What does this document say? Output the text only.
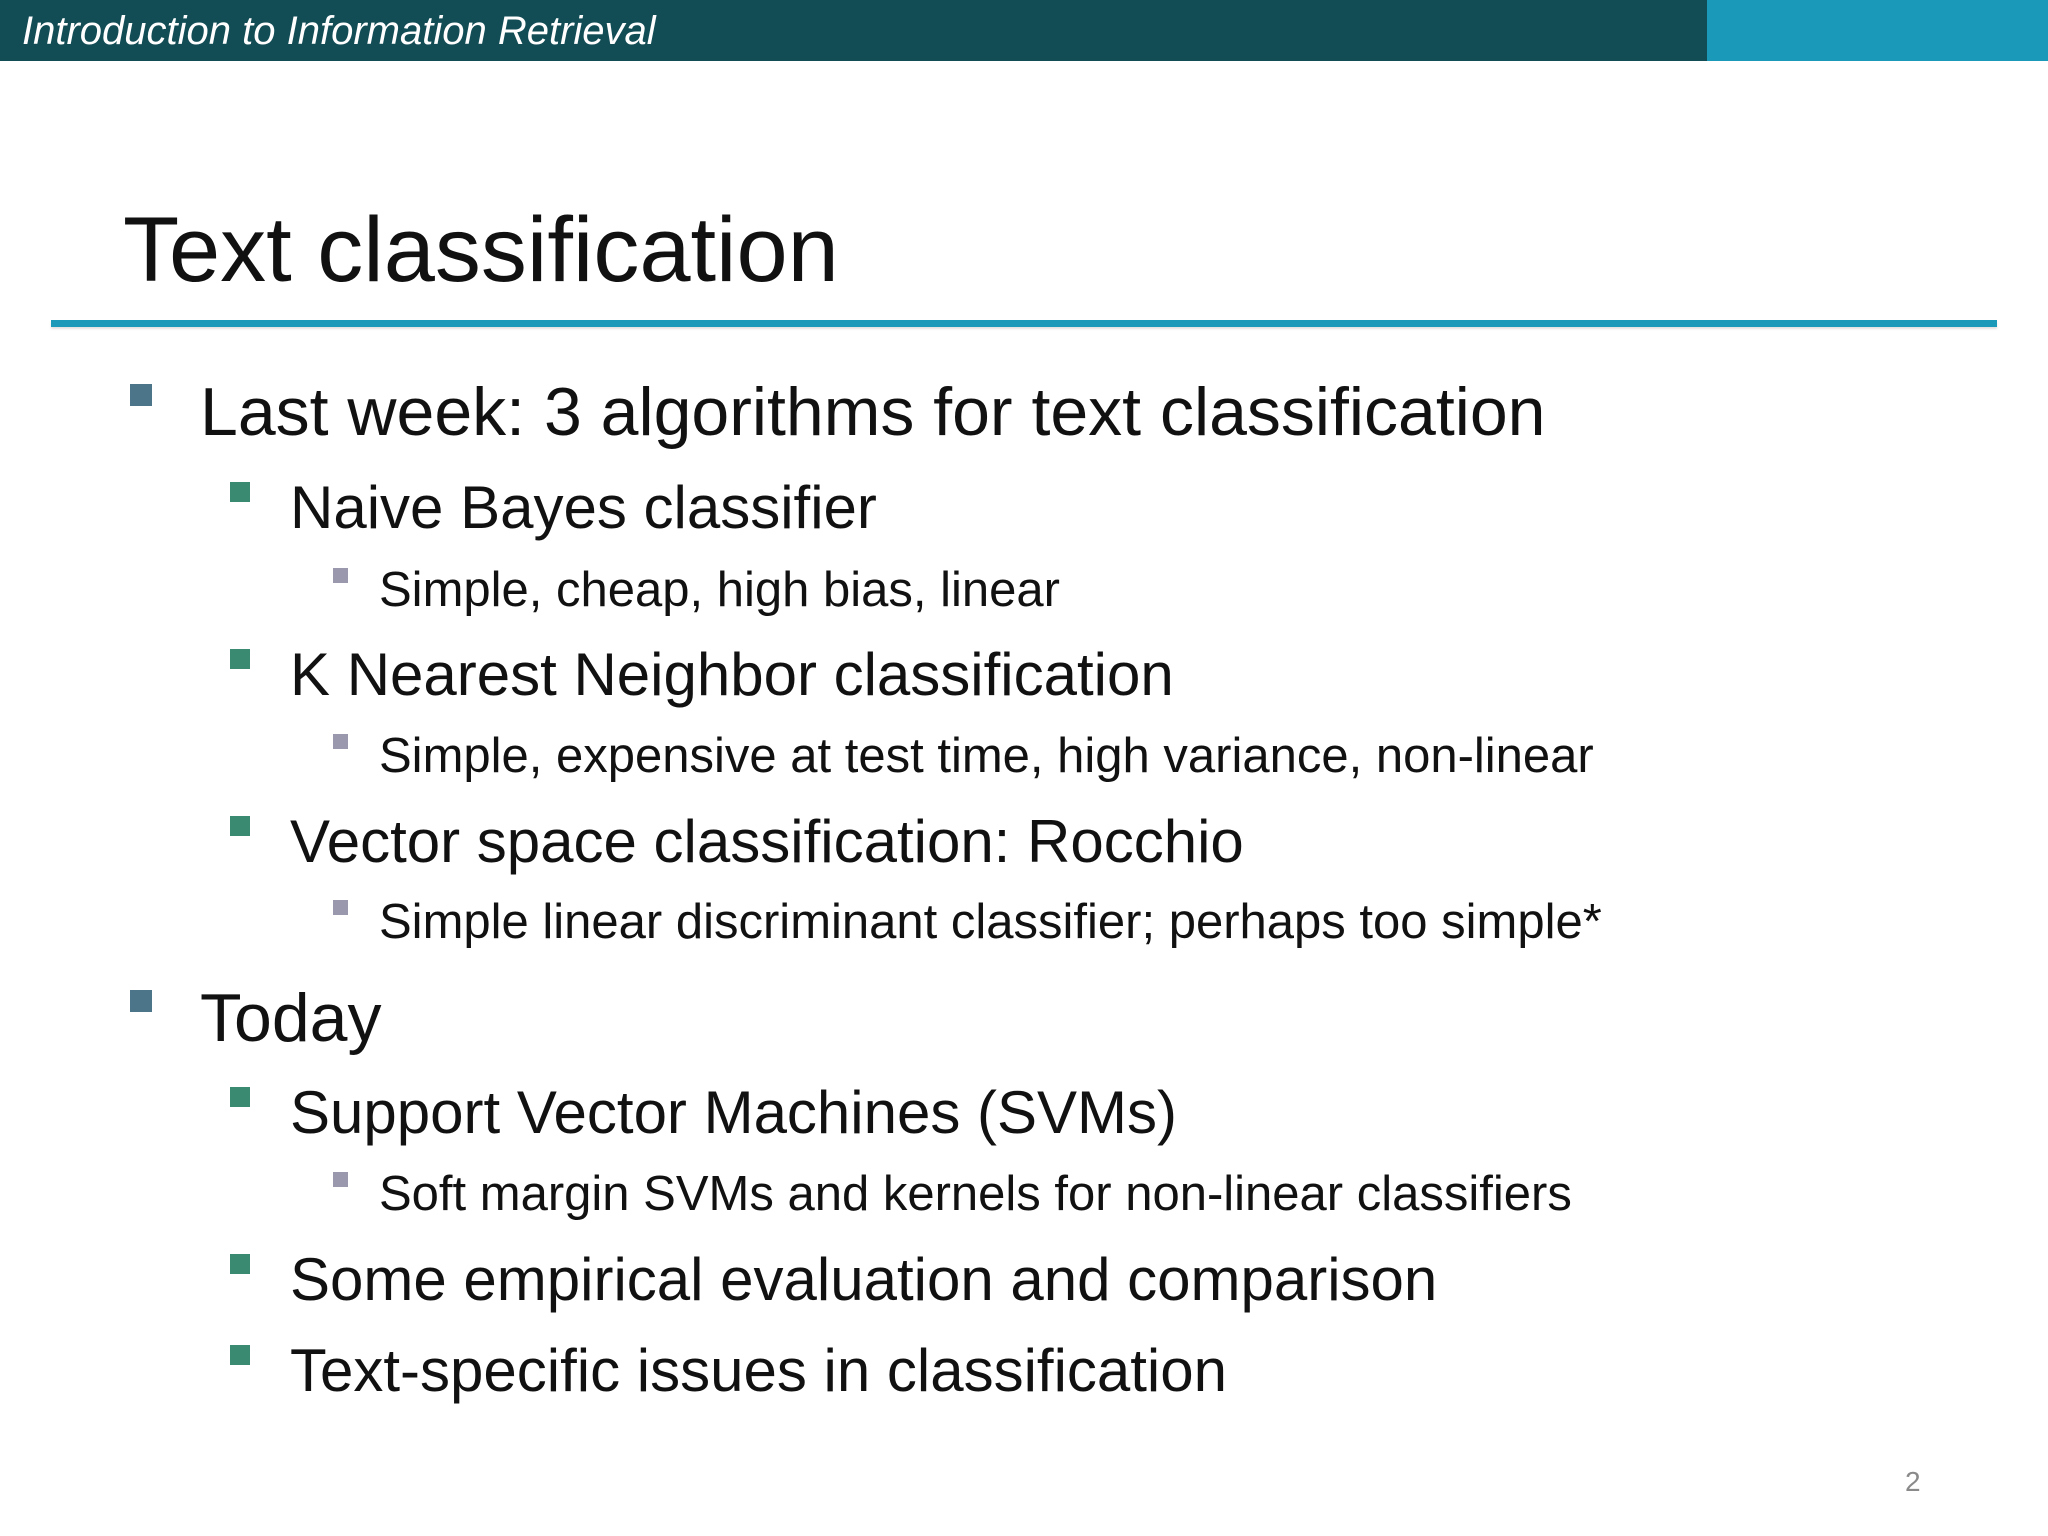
Introduction to Information Retrieval
Text classification
Last week: 3 algorithms for text classification
Naive Bayes classifier
Simple, cheap, high bias, linear
K Nearest Neighbor classification
Simple, expensive at test time, high variance, non-linear
Vector space classification: Rocchio
Simple linear discriminant classifier; perhaps too simple*
Today
Support Vector Machines (SVMs)
Soft margin SVMs and kernels for non-linear classifiers
Some empirical evaluation and comparison
Text-specific issues in classification
2
